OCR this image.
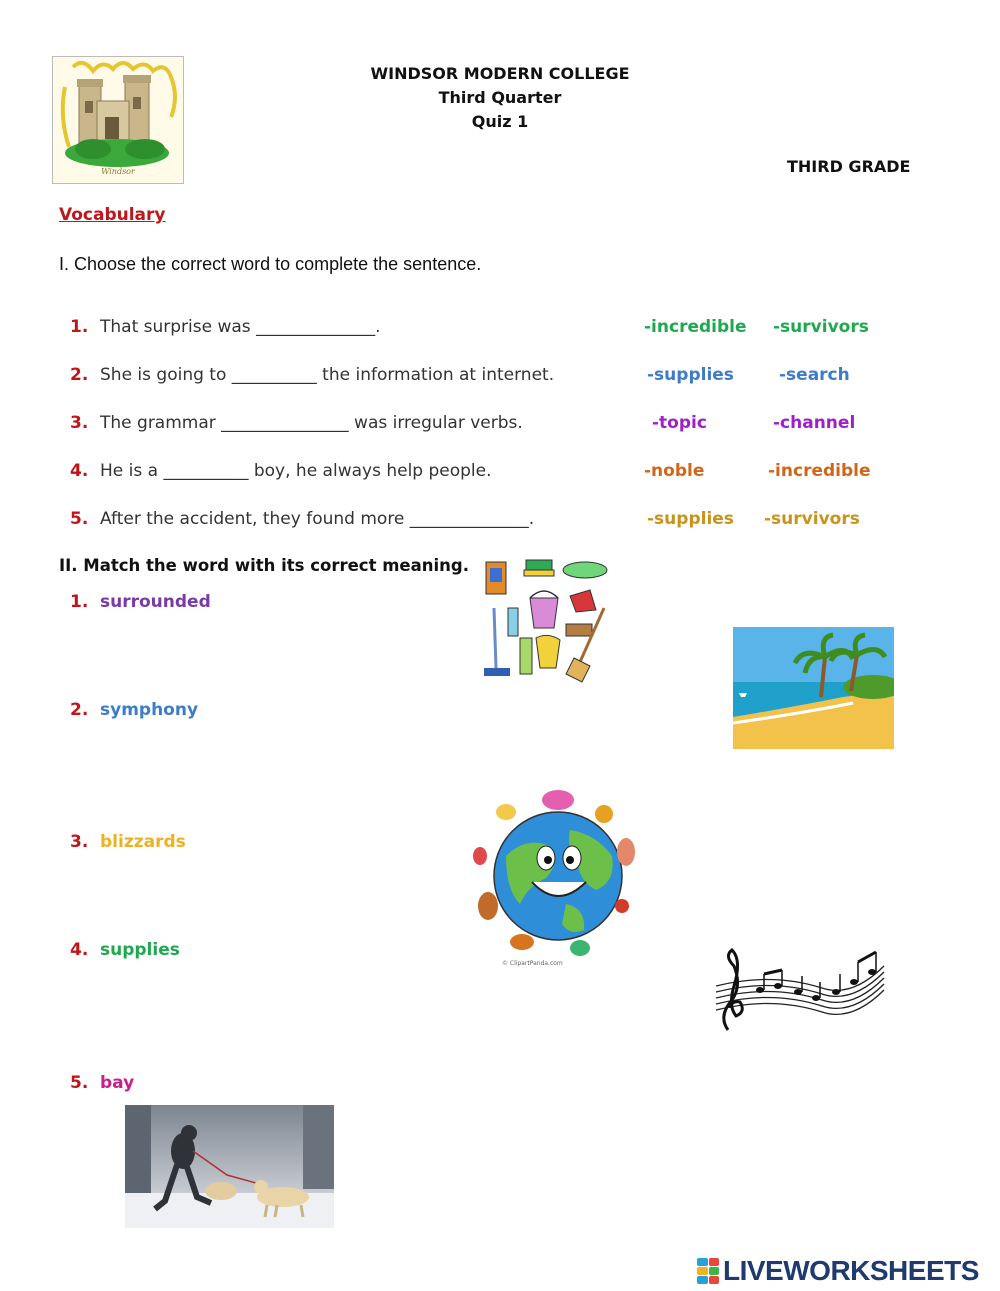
Windsor
WINDSOR MODERN COLLEGE
Third Quarter
Quiz 1
THIRD GRADE
Vocabulary
I. Choose the correct word to complete the sentence.
1. That surprise was ______________.	-incredible -survivors
2. She is going to __________ the information at internet.	-supplies	-search
3. The grammar _______________ was irregular verbs.	-topic	-channel
4. He is a __________ boy, he always help people.	-noble	-incredible
5. After the accident, they found more ______________.	-supplies -survivors
II. Match the word with its correct meaning.
1. surrounded
2. symphony
3. blizzards
4. supplies
5. bay
© ClipartPanda.com
LIVEWORKSHEETS
